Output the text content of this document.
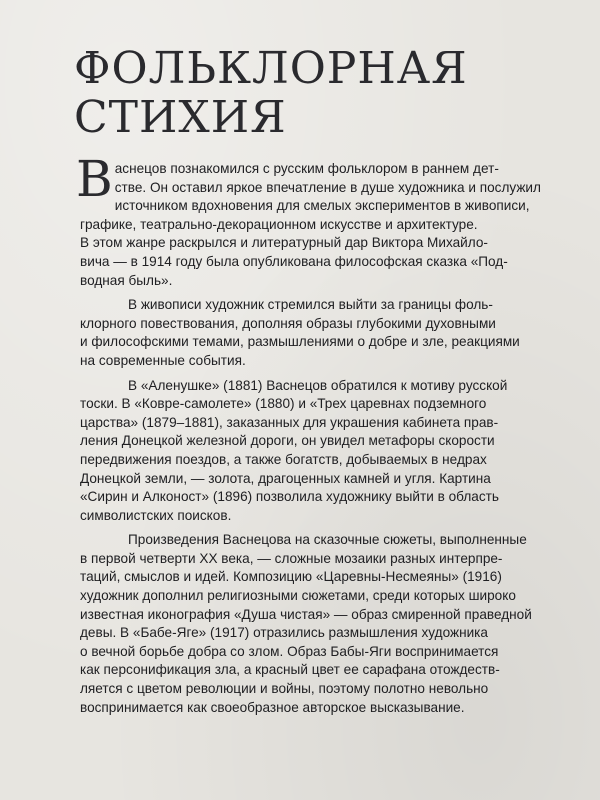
ФОЛЬКЛОРНАЯ
СТИХИЯ

Васнецов познакомился с русским фольклором в раннем дет-
стве. Он оставил яркое впечатление в душе художника и послужил
источником вдохновения для смелых экспериментов в живописи,
графике, театрально-декорационном искусстве и архитектуре.
В этом жанре раскрылся и литературный дар Виктора Михайло-
вича — в 1914 году была опубликована философская сказка «Под-
водная быль».

В живописи художник стремился выйти за границы фоль-
клорного повествования, дополняя образы глубокими духовными
и философскими темами, размышлениями о добре и зле, реакциями
на современные события.

В «Аленушке» (1881) Васнецов обратился к мотиву русской
тоски. В «Ковре-самолете» (1880) и «Трех царевнах подземного
царства» (1879–1881), заказанных для украшения кабинета прав-
ления Донецкой железной дороги, он увидел метафоры скорости
передвижения поездов, а также богатств, добываемых в недрах
Донецкой земли, — золота, драгоценных камней и угля. Картина
«Сирин и Алконост» (1896) позволила художнику выйти в область
символистских поисков.

Произведения Васнецова на сказочные сюжеты, выполненные
в первой четверти XX века, — сложные мозаики разных интерпре-
таций, смыслов и идей. Композицию «Царевны-Несмеяны» (1916)
художник дополнил религиозными сюжетами, среди которых широко
известная иконография «Душа чистая» — образ смиренной праведной
девы. В «Бабе-Яге» (1917) отразились размышления художника
о вечной борьбе добра со злом. Образ Бабы-Яги воспринимается
как персонификация зла, а красный цвет ее сарафана отождеств-
ляется с цветом революции и войны, поэтому полотно невольно
воспринимается как своеобразное авторское высказывание.
